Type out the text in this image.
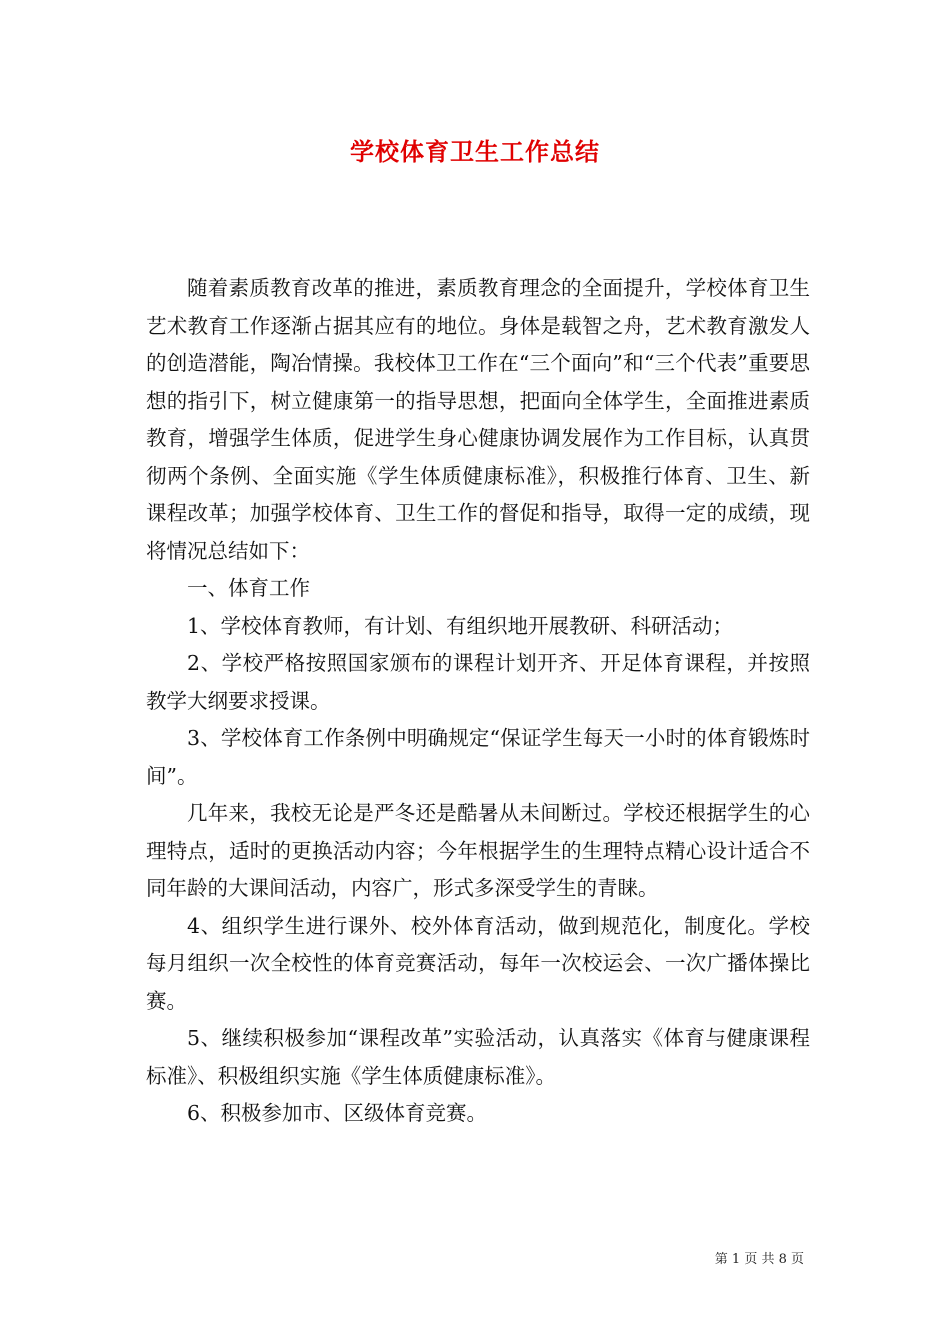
学校体育卫生工作总结

随着素质教育改革的推进，素质教育理念的全面提升，学校体育卫生艺术教育工作逐渐占据其应有的地位。身体是载智之舟，艺术教育激发人的创造潜能，陶冶情操。我校体卫工作在“三个面向”和“三个代表”重要思想的指引下，树立健康第一的指导思想，把面向全体学生，全面推进素质教育，增强学生体质，促进学生身心健康协调发展作为工作目标，认真贯彻两个条例、全面实施《学生体质健康标准》，积极推行体育、卫生、新课程改革；加强学校体育、卫生工作的督促和指导，取得一定的成绩，现将情况总结如下：

一、体育工作

1、学校体育教师，有计划、有组织地开展教研、科研活动；

2、学校严格按照国家颁布的课程计划开齐、开足体育课程，并按照教学大纲要求授课。

3、学校体育工作条例中明确规定“保证学生每天一小时的体育锻炼时间”。

几年来，我校无论是严冬还是酷暑从未间断过。学校还根据学生的心理特点，适时的更换活动内容；今年根据学生的生理特点精心设计适合不同年龄的大课间活动，内容广，形式多深受学生的青睐。

4、组织学生进行课外、校外体育活动，做到规范化，制度化。学校每月组织一次全校性的体育竞赛活动，每年一次校运会、一次广播体操比赛。

5、继续积极参加“课程改革”实验活动，认真落实《体育与健康课程标准》、积极组织实施《学生体质健康标准》。

6、积极参加市、区级体育竞赛。

第 1 页 共 8 页
